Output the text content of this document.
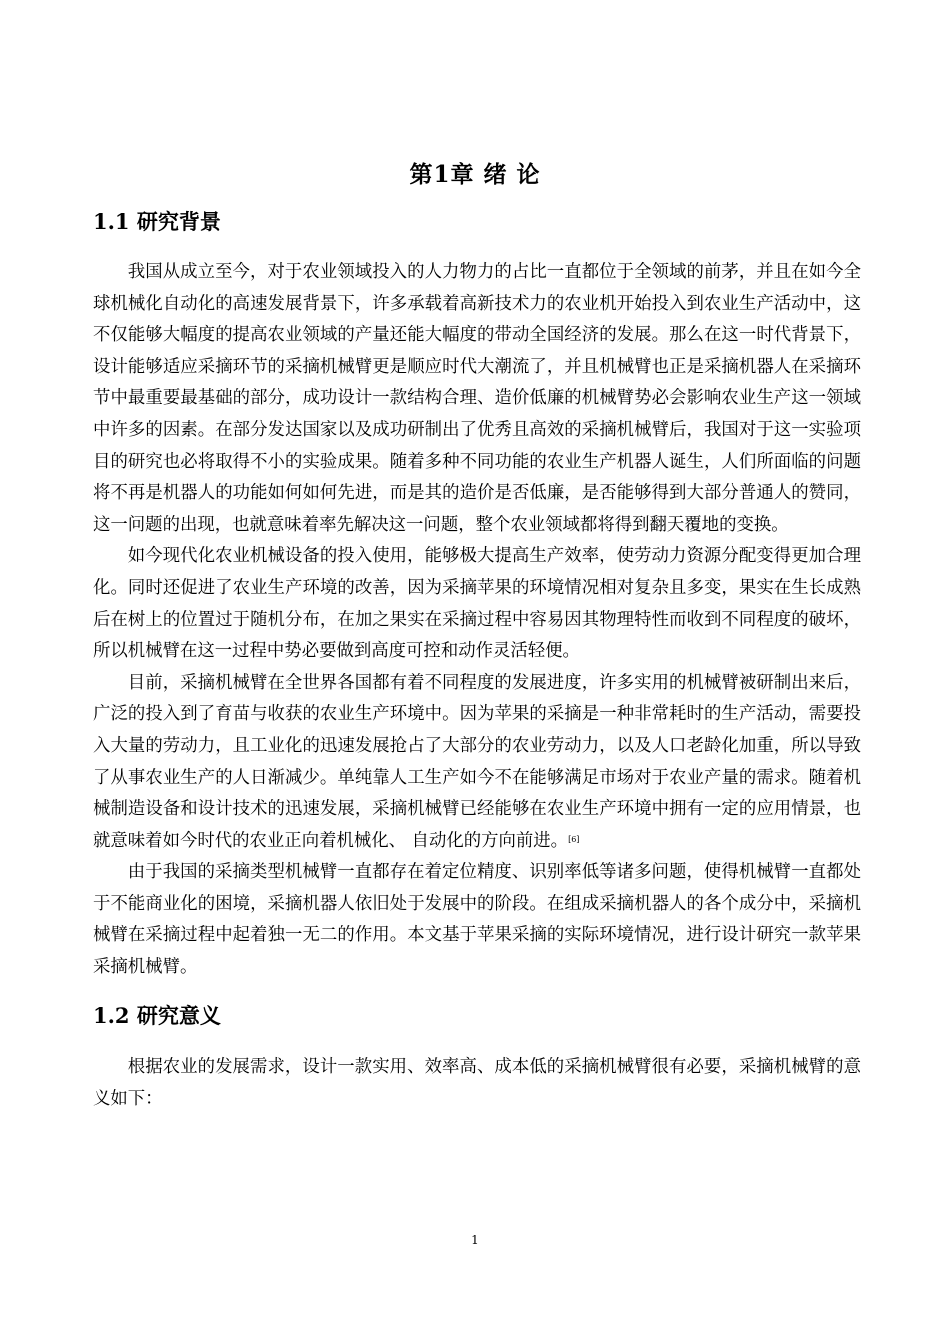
第1章 绪 论
1.1 研究背景

我国从成立至今，对于农业领域投入的人力物力的占比一直都位于全领域的前茅，并且在如今全球机械化自动化的高速发展背景下，许多承载着高新技术力的农业机开始投入到农业生产活动中，这不仅能够大幅度的提高农业领域的产量还能大幅度的带动全国经济的发展。那么在这一时代背景下，设计能够适应采摘环节的采摘机械臂更是顺应时代大潮流了，并且机械臂也正是采摘机器人在采摘环节中最重要最基础的部分，成功设计一款结构合理、造价低廉的机械臂势必会影响农业生产这一领域中许多的因素。在部分发达国家以及成功研制出了优秀且高效的采摘机械臂后，我国对于这一实验项目的研究也必将取得不小的实验成果。随着多种不同功能的农业生产机器人诞生，人们所面临的问题将不再是机器人的功能如何如何先进，而是其的造价是否低廉，是否能够得到大部分普通人的赞同，这一问题的出现，也就意味着率先解决这一问题，整个农业领域都将得到翻天覆地的变换。

如今现代化农业机械设备的投入使用，能够极大提高生产效率，使劳动力资源分配变得更加合理化。同时还促进了农业生产环境的改善，因为采摘苹果的环境情况相对复杂且多变，果实在生长成熟后在树上的位置过于随机分布，在加之果实在采摘过程中容易因其物理特性而收到不同程度的破坏，所以机械臂在这一过程中势必要做到高度可控和动作灵活轻便。

目前，采摘机械臂在全世界各国都有着不同程度的发展进度，许多实用的机械臂被研制出来后，广泛的投入到了育苗与收获的农业生产环境中。因为苹果的采摘是一种非常耗时的生产活动，需要投入大量的劳动力，且工业化的迅速发展抢占了大部分的农业劳动力，以及人口老龄化加重，所以导致了从事农业生产的人日渐减少。单纯靠人工生产如今不在能够满足市场对于农业产量的需求。随着机械制造设备和设计技术的迅速发展，采摘机械臂已经能够在农业生产环境中拥有一定的应用情景，也就意味着如今时代的农业正向着机械化、 自动化的方向前进。[6]

由于我国的采摘类型机械臂一直都存在着定位精度、识别率低等诸多问题，使得机械臂一直都处于不能商业化的困境，采摘机器人依旧处于发展中的阶段。在组成采摘机器人的各个成分中，采摘机械臂在采摘过程中起着独一无二的作用。本文基于苹果采摘的实际环境情况，进行设计研究一款苹果采摘机械臂。

1.2 研究意义

根据农业的发展需求，设计一款实用、效率高、成本低的采摘机械臂很有必要，采摘机械臂的意义如下：

1
